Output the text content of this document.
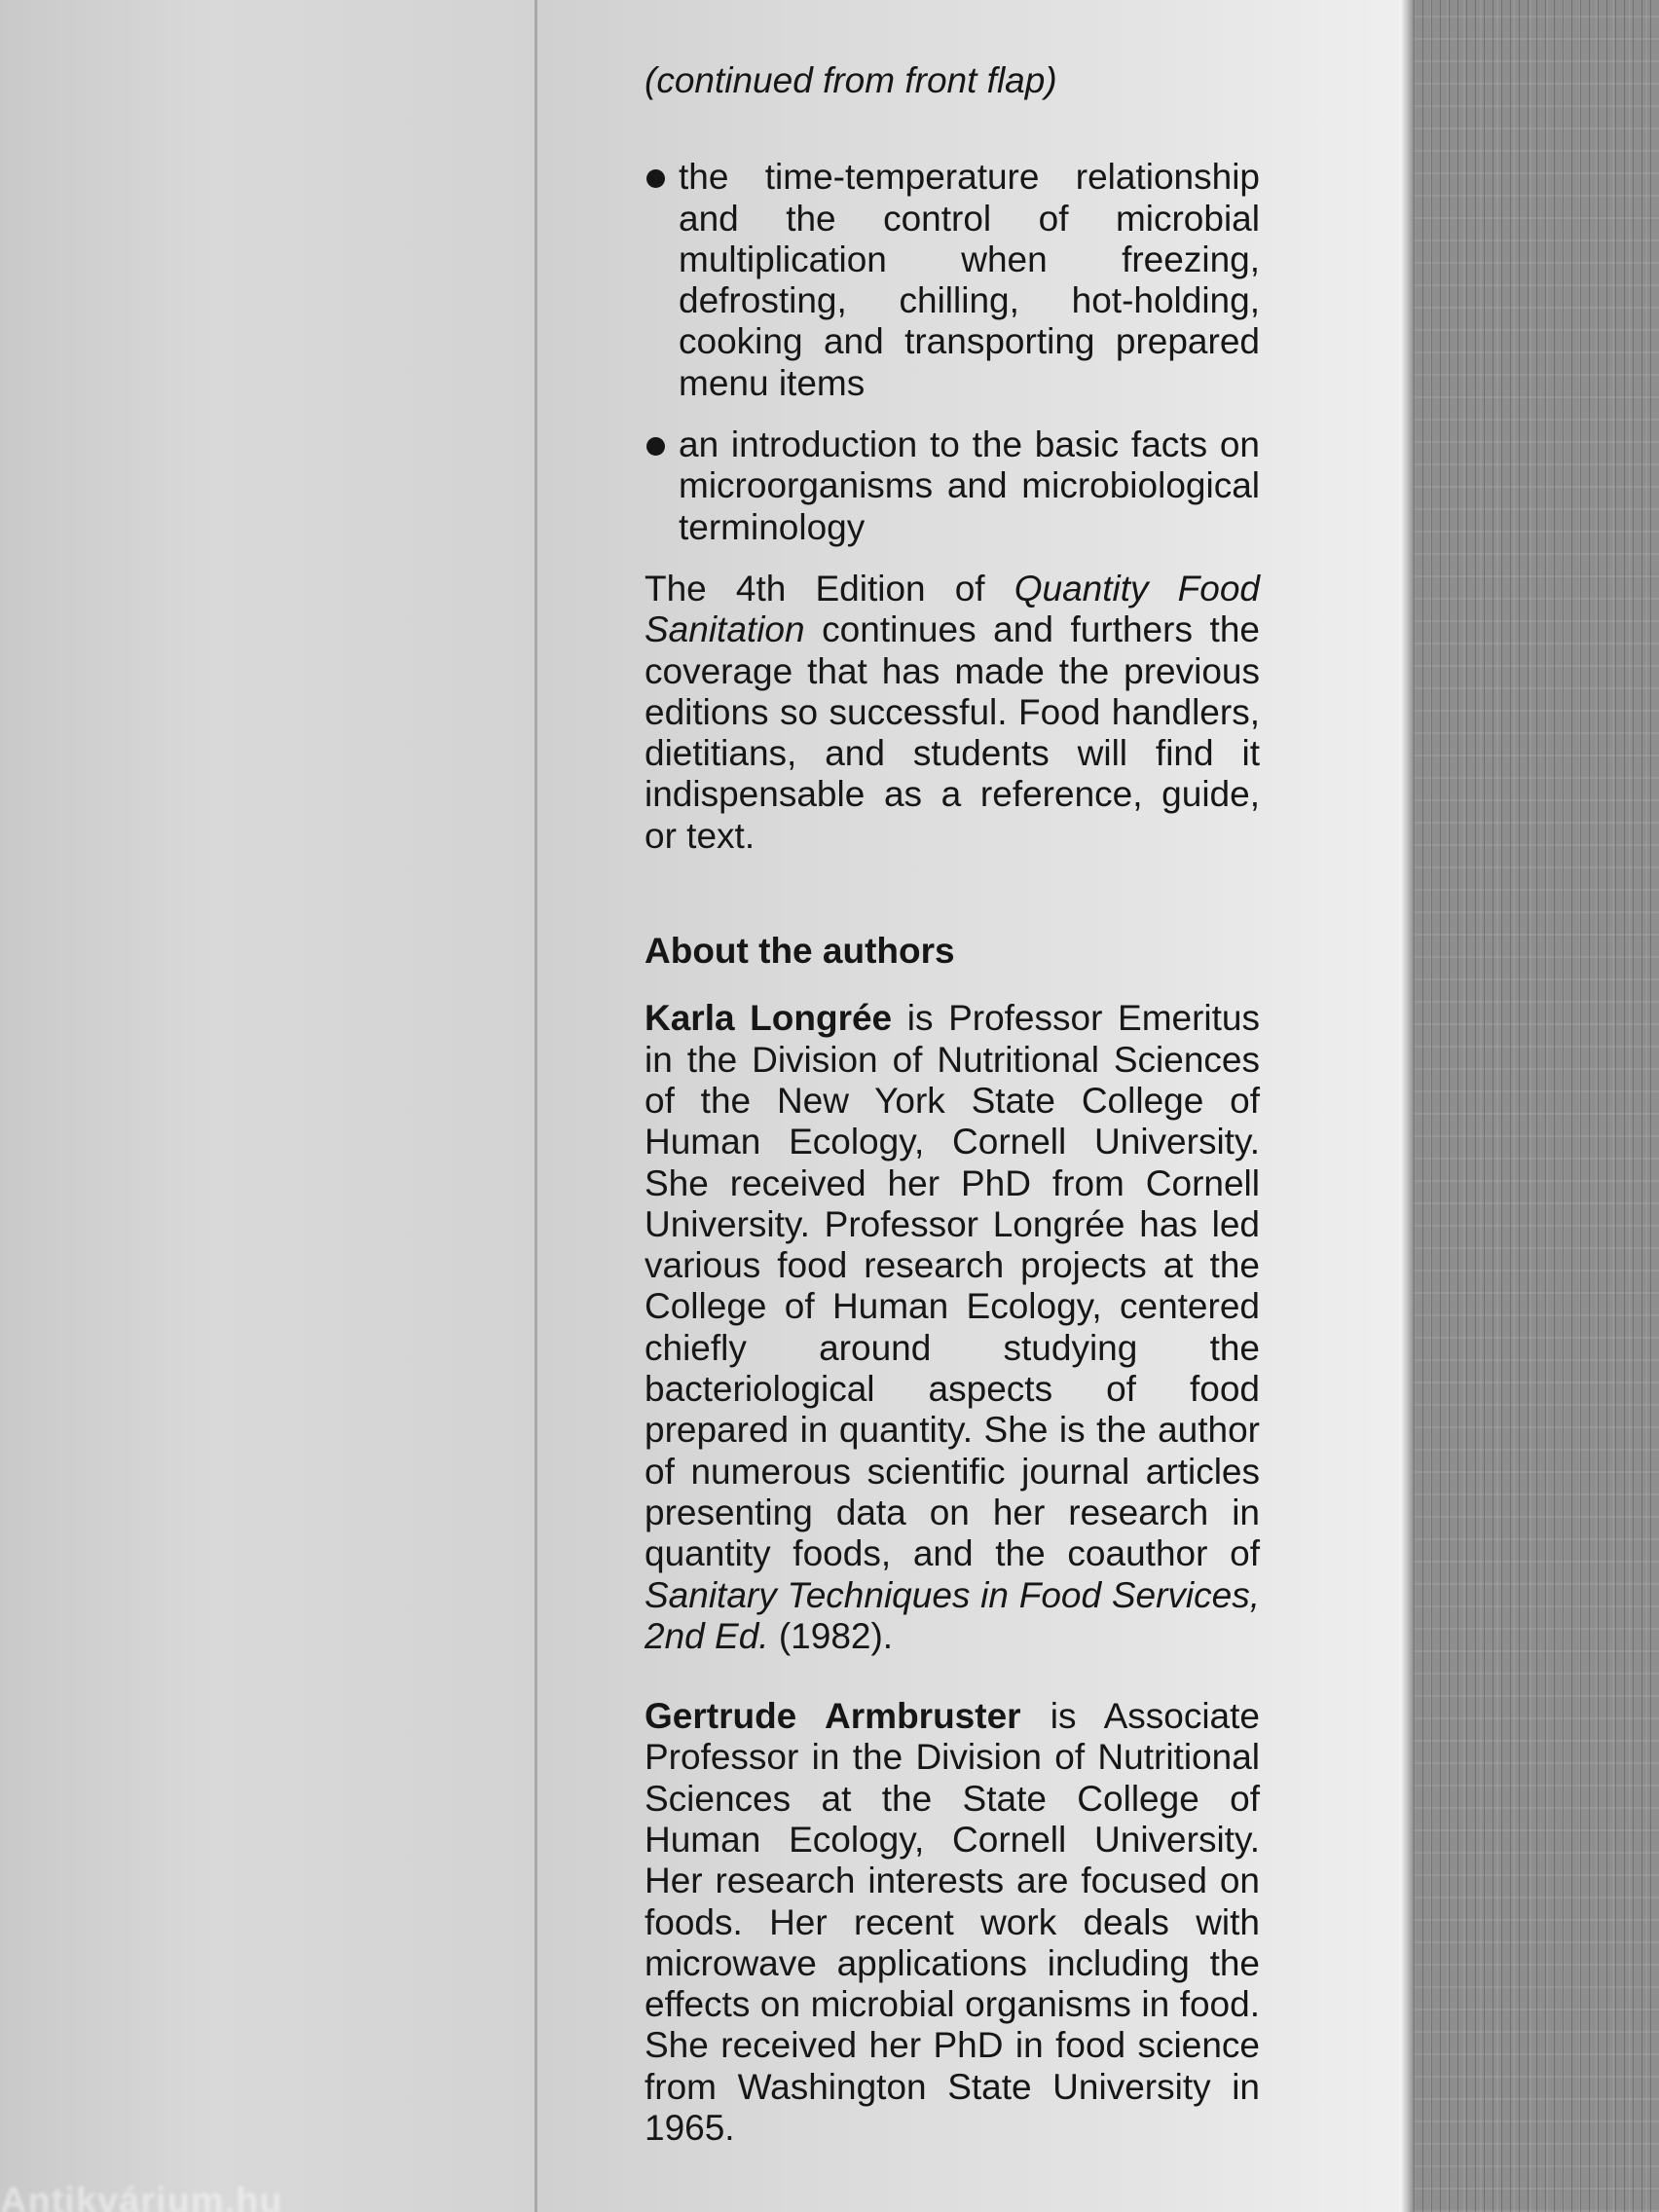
(continued from front flap)

the time-temperature relationship and the control of microbial multiplication when freezing, defrosting, chilling, hot-holding, cooking and transporting prepared menu items
an introduction to the basic facts on microorganisms and microbiological terminology

The 4th Edition of Quantity Food Sanitation continues and furthers the coverage that has made the previous editions so successful. Food handlers, dietitians, and students will find it indispensable as a reference, guide, or text.

About the authors

Karla Longrée is Professor Emeritus in the Division of Nutritional Sciences of the New York State College of Human Ecology, Cornell University. She received her PhD from Cornell University. Professor Longrée has led various food research projects at the College of Human Ecology, centered chiefly around studying the bacteriological aspects of food prepared in quantity. She is the author of numerous scientific journal articles presenting data on her research in quantity foods, and the coauthor of Sanitary Techniques in Food Services, 2nd Ed. (1982).

Gertrude Armbruster is Associate Professor in the Division of Nutritional Sciences at the State College of Human Ecology, Cornell University. Her research interests are focused on foods. Her recent work deals with microwave applications including the effects on microbial organisms in food. She received her PhD in food science from Washington State University in 1965.

Antikvárium.hu
